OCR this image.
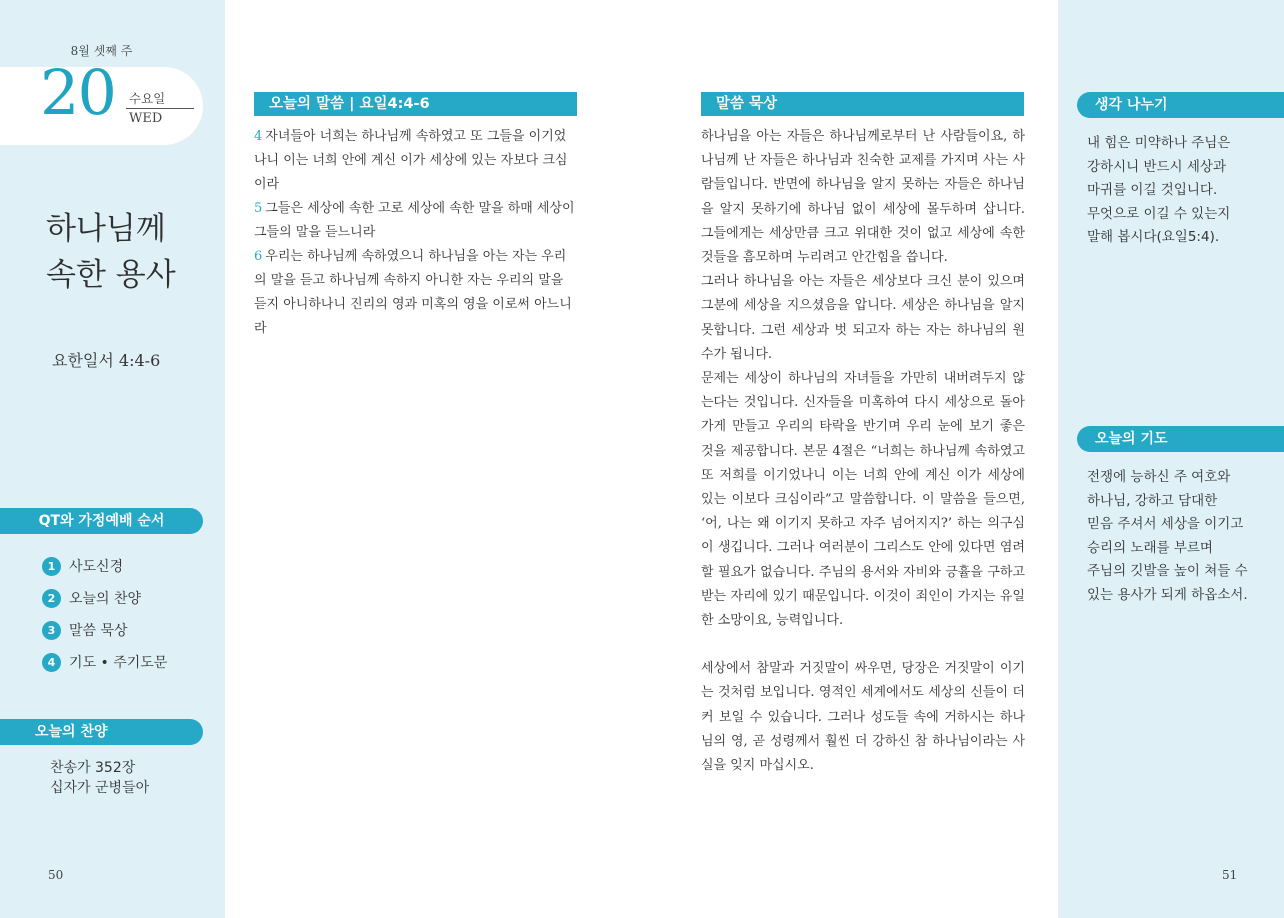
8월 셋째 주
20 수요일
WED
하나님께
속한 용사
요한일서 4:4-6
QT와 가정예배 순서
1 사도신경
2 오늘의 찬양
3 말씀 묵상
4 기도 • 주기도문
오늘의 찬양
찬송가 352장
십자가 군병들아
50
오늘의 말씀 | 요일4:4-6
4 자녀들아 너희는 하나님께 속하였고 또 그들을 이기었나니 이는 너희 안에 계신 이가 세상에 있는 자보다 크심이라
5 그들은 세상에 속한 고로 세상에 속한 말을 하매 세상이 그들의 말을 듣느니라
6 우리는 하나님께 속하였으니 하나님을 아는 자는 우리의 말을 듣고 하나님께 속하지 아니한 자는 우리의 말을 듣지 아니하나니 진리의 영과 미혹의 영을 이로써 아느니라
말씀 묵상

하나님을 아는 자들은 하나님께로부터 난 사람들이요, 하나님께 난 자들은 하나님과 친숙한 교제를 가지며 사는 사람들입니다. 반면에 하나님을 알지 못하는 자들은 하나님을 알지 못하기에 하나님 없이 세상에 몰두하며 삽니다. 그들에게는 세상만큼 크고 위대한 것이 없고 세상에 속한 것들을 흠모하며 누리려고 안간힘을 씁니다.

그러나 하나님을 아는 자들은 세상보다 크신 분이 있으며 그분에 세상을 지으셨음을 압니다. 세상은 하나님을 알지 못합니다. 그런 세상과 벗 되고자 하는 자는 하나님의 원수가 됩니다.

문제는 세상이 하나님의 자녀들을 가만히 내버려두지 않는다는 것입니다. 신자들을 미혹하여 다시 세상으로 돌아가게 만들고 우리의 타락을 반기며 우리 눈에 보기 좋은 것을 제공합니다. 본문 4절은 “너희는 하나님께 속하였고 또 저희를 이기었나니 이는 너희 안에 계신 이가 세상에 있는 이보다 크심이라”고 말씀합니다. 이 말씀을 들으면, ‘어, 나는 왜 이기지 못하고 자주 넘어지지?’ 하는 의구심이 생깁니다. 그러나 여러분이 그리스도 안에 있다면 염려할 필요가 없습니다. 주님의 용서와 자비와 긍휼을 구하고 받는 자리에 있기 때문입니다. 이것이 죄인이 가지는 유일한 소망이요, 능력입니다.

세상에서 참말과 거짓말이 싸우면, 당장은 거짓말이 이기는 것처럼 보입니다. 영적인 세계에서도 세상의 신들이 더 커 보일 수 있습니다. 그러나 성도들 속에 거하시는 하나님의 영, 곧 성령께서 훨씬 더 강하신 참 하나님이라는 사실을 잊지 마십시오.

생각 나누기
내 힘은 미약하나 주님은
강하시니 반드시 세상과
마귀를 이길 것입니다.
무엇으로 이길 수 있는지
말해 봅시다(요일5:4).
오늘의 기도
전쟁에 능하신 주 여호와
하나님, 강하고 담대한
믿음 주셔서 세상을 이기고
승리의 노래를 부르며
주님의 깃발을 높이 쳐들 수
있는 용사가 되게 하옵소서.
51
